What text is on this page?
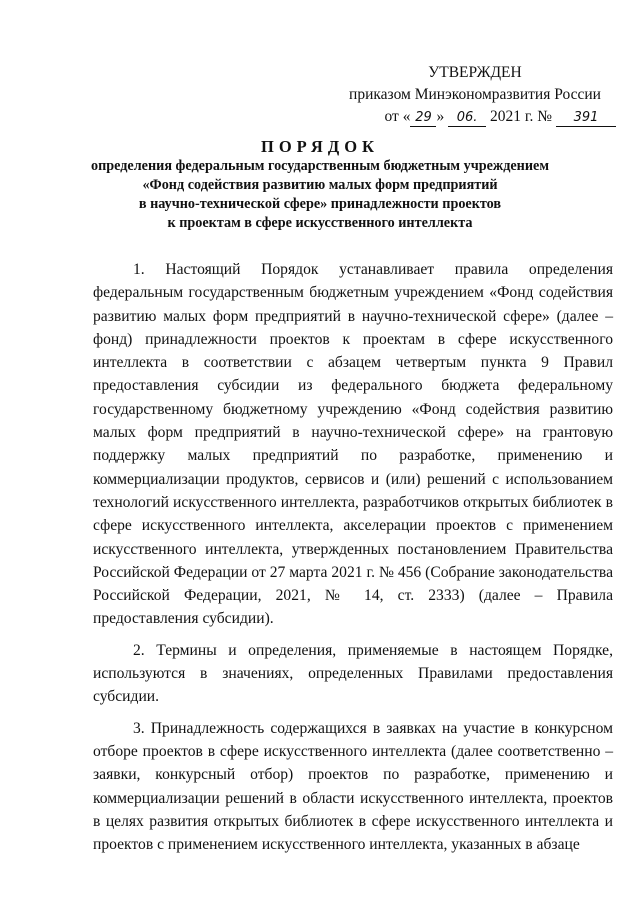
УТВЕРЖДЕН
приказом Минэкономразвития России
от « 29 » 06. 2021 г. № 391
ПОРЯДОК
определения федеральным государственным бюджетным учреждением
«Фонд содействия развитию малых форм предприятий
в научно-технической сфере» принадлежности проектов
к проектам в сфере искусственного интеллекта

1. Настоящий Порядок устанавливает правила определения федеральным государственным бюджетным учреждением «Фонд содействия развитию малых форм предприятий в научно-технической сфере» (далее – фонд) принадлежности проектов к проектам в сфере искусственного интеллекта в соответствии с абзацем четвертым пункта 9 Правил предоставления субсидии из федерального бюджета федеральному государственному бюджетному учреждению «Фонд содействия развитию малых форм предприятий в научно-технической сфере» на грантовую поддержку малых предприятий по разработке, применению и коммерциализации продуктов, сервисов и (или) решений с использованием технологий искусственного интеллекта, разработчиков открытых библиотек в сфере искусственного интеллекта, акселерации проектов с применением искусственного интеллекта, утвержденных постановлением Правительства Российской Федерации от 27 марта 2021 г. № 456 (Собрание законодательства Российской Федерации, 2021, № 14, ст. 2333) (далее – Правила предоставления субсидии).

2. Термины и определения, применяемые в настоящем Порядке, используются в значениях, определенных Правилами предоставления субсидии.

3. Принадлежность содержащихся в заявках на участие в конкурсном отборе проектов в сфере искусственного интеллекта (далее соответственно – заявки, конкурсный отбор) проектов по разработке, применению и коммерциализации решений в области искусственного интеллекта, проектов в целях развития открытых библиотек в сфере искусственного интеллекта и проектов с применением искусственного интеллекта, указанных в абзаце
